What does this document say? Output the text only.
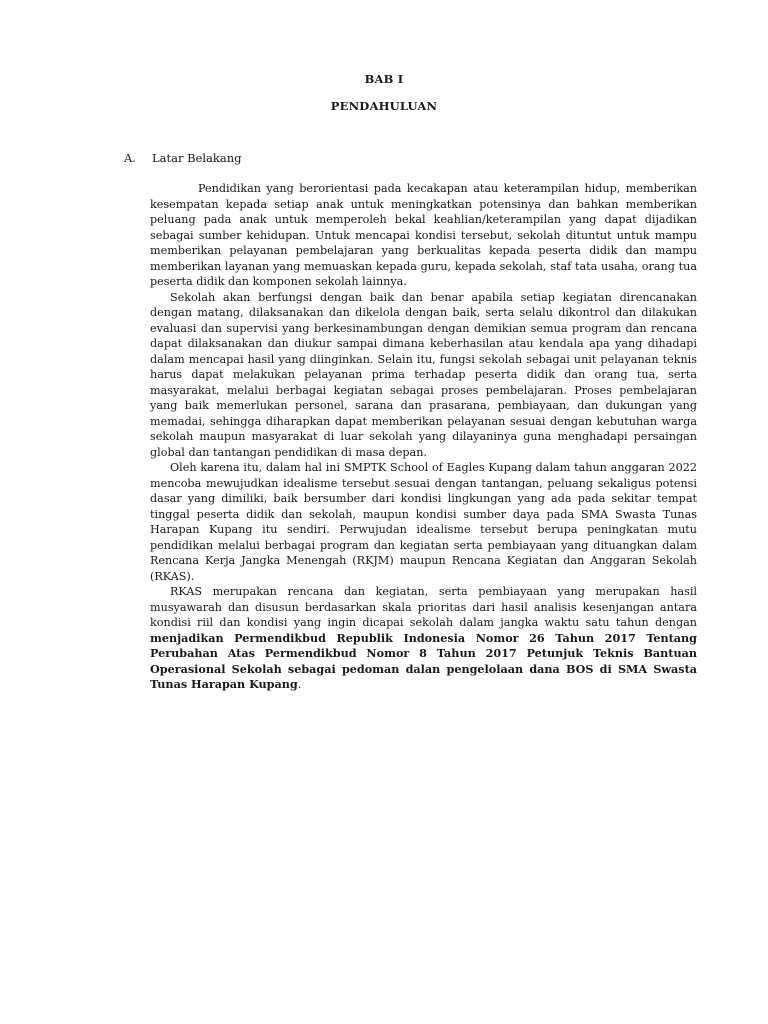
BAB I
PENDAHULUAN
A.	Latar Belakang

Pendidikan yang berorientasi pada kecakapan atau keterampilan hidup, memberikan kesempatan kepada setiap anak untuk meningkatkan potensinya dan bahkan memberikan peluang pada anak untuk memperoleh bekal keahlian/keterampilan yang dapat dijadikan sebagai sumber kehidupan. Untuk mencapai kondisi tersebut, sekolah dituntut untuk mampu memberikan pelayanan pembelajaran yang berkualitas kepada peserta didik dan mampu memberikan layanan yang memuaskan kepada guru, kepada sekolah, staf tata usaha, orang tua peserta didik dan komponen sekolah lainnya.

Sekolah akan berfungsi dengan baik dan benar apabila setiap kegiatan direncanakan dengan matang, dilaksanakan dan dikelola dengan baik, serta selalu dikontrol dan dilakukan evaluasi dan supervisi yang berkesinambungan dengan demikian semua program dan rencana dapat dilaksanakan dan diukur sampai dimana keberhasilan atau kendala apa yang dihadapi dalam mencapai hasil yang diinginkan. Selain itu, fungsi sekolah sebagai unit pelayanan teknis harus dapat melakukan pelayanan prima terhadap peserta didik dan orang tua, serta masyarakat, melalui berbagai kegiatan sebagai proses pembelajaran. Proses pembelajaran yang baik memerlukan personel, sarana dan prasarana, pembiayaan, dan dukungan yang memadai, sehingga diharapkan dapat memberikan pelayanan sesuai dengan kebutuhan warga sekolah maupun masyarakat di luar sekolah yang dilayaninya guna menghadapi persaingan global dan tantangan pendidikan di masa depan.

Oleh karena itu, dalam hal ini SMPTK School of Eagles Kupang dalam tahun anggaran 2022 mencoba mewujudkan idealisme tersebut sesuai dengan tantangan, peluang sekaligus potensi dasar yang dimiliki, baik bersumber dari kondisi lingkungan yang ada pada sekitar tempat tinggal peserta didik dan sekolah, maupun kondisi sumber daya pada SMA Swasta Tunas Harapan Kupang itu sendiri. Perwujudan idealisme tersebut berupa peningkatan mutu pendidikan melalui berbagai program dan kegiatan serta pembiayaan yang dituangkan dalam Rencana Kerja Jangka Menengah (RKJM) maupun Rencana Kegiatan dan Anggaran Sekolah (RKAS).

RKAS merupakan rencana dan kegiatan, serta pembiayaan yang merupakan hasil musyawarah dan disusun berdasarkan skala prioritas dari hasil analisis kesenjangan antara kondisi riil dan kondisi yang ingin dicapai sekolah dalam jangka waktu satu tahun dengan menjadikan Permendikbud Republik Indonesia Nomor 26 Tahun 2017 Tentang Perubahan Atas Permendikbud Nomor 8 Tahun 2017 Petunjuk Teknis Bantuan Operasional Sekolah sebagai pedoman dalan pengelolaan dana BOS di SMA Swasta Tunas Harapan Kupang.
